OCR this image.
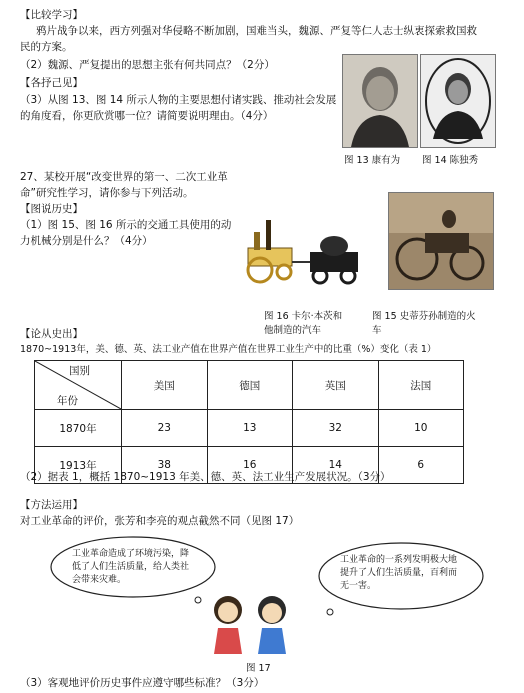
【比较学习】
鸦片战争以来，西方列强对华侵略不断加剧，国难当头，魏源、严复等仁人志士纵衷探索救国救
民的方案。
（2）魏源、严复提出的思想主张有何共同点？（2分）
【各抒己见】
（3）从图 13、图 14 所示人物的主要思想付诸实践、推动社会发展
的角度看，你更欣赏哪一位？请简要说明理由。（4分）
图 13 康有为 图 14 陈独秀
27、某校开展“改变世界的第一、二次工业革
命”研究性学习，请你参与下列活动。
【图说历史】
（1）图 15、图 16 所示的交通工具使用的动
力机械分别是什么？（4分）
图 16 卡尔·本茨和
他制造的汽车
图 15 史蒂芬孙制造的火
车
【论从史出】
1870~1913年，美、德、英、法工业产值在世界产值在世界工业生产中的比重（%）变化（表 1）
国别
年份	美国	德国	英国	法国
1870年	23	13	32	10
1913年	38	16	14	6
（2）据表 1，概括 1870~1913 年美、德、英、法工业生产发展状况。（3分）
【方法运用】
对工业革命的评价，张芳和李亮的观点截然不同（见图 17）
工业革命造成了环境污染，降低了人们生活质量，给人类社会带来灾难。
工业革命的一系列发明极大地提升了人们生活质量，百利而无一害。
图 17
（3）客观地评价历史事件应遵守哪些标准？（3分）
